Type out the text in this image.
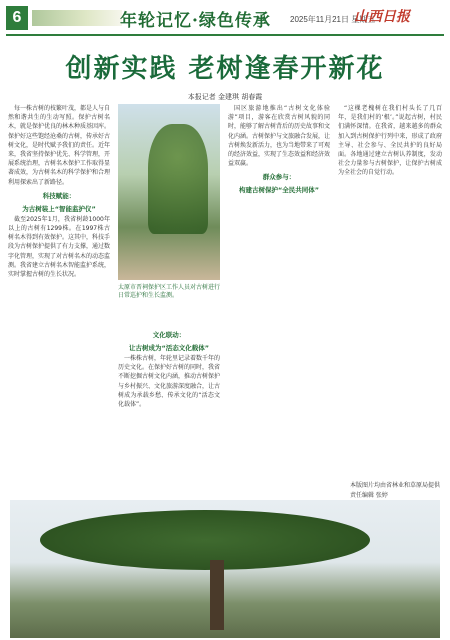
6	年轮记忆·绿色传承 2025年11月21日 星期五
山西日报
创新实践 老树逢春开新花
本报记者 金建琪 胡春霞

每一株古树的枝繁叶茂，都是人与自然和谐共生的生动写照。保护古树名木，就是保护优良的林木种质基因库。保护好这些饱经沧桑的古树，传承好古树文化，是时代赋予我们的责任。近年来，我省坚持保护优先、科学管理，开展系统治理，古树名木保护工作取得显著成效，为古树名木的科学保护和合理利用探索出了新路径。

科技赋能：
为古树装上“智能监护仪”

截至2025年1月，我省树龄1000年以上的古树有1299株。在1997株古树名木得到有效保护。这其中，科技手段为古树保护提供了有力支撑，通过数字化管理，实现了对古树名木的动态监测。我省建立古树名木智能监护系统，实时掌握古树的生长状况。

太原市晋祠保护区工作人员对古树进行日常巡护和生长监测。
文化联动：
让古树成为“活态文化载体”

一株株古树，年轮里记录着数千年的历史文化。在保护好古树的同时，我省不断挖掘古树文化内涵，推动古树保护与乡村振兴、文化旅游深度融合，让古树成为承载乡愁、传承文化的“活态文化载体”。

国区旅游地推出“古树文化体验游”项目，游客在欣赏古树风貌的同时，能够了解古树背后的历史故事和文化内涵。古树保护与文旅融合发展，让古树焕发新活力，也为当地带来了可观的经济效益，实现了生态效益和经济效益双赢。

群众参与：
构建古树保护“全民共同体”

“这棵老槐树在我们村头长了几百年，是我们村的‘根’。”说起古树，村民们满怀深情。在我省，越来越多的群众加入到古树保护行列中来，形成了政府主导、社会参与、全民共护的良好局面。各地通过建立古树认养制度，发动社会力量参与古树保护，让保护古树成为全社会的自觉行动。

本版图片均由省林业和草原局提供
责任编辑 张婷
